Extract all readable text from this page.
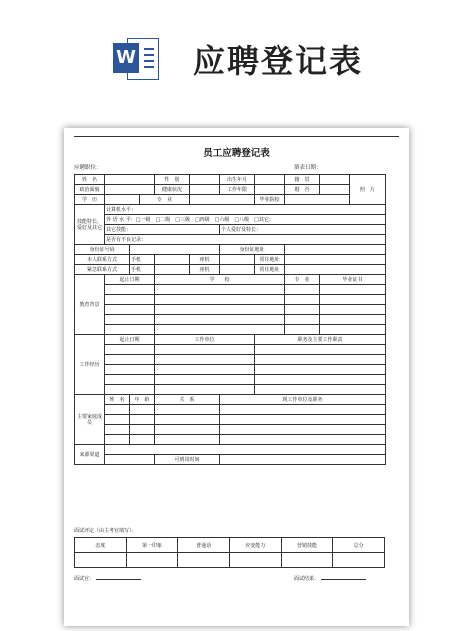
W 应聘登记表
员工应聘登记表
应聘职位：	填表日期：
姓　名				性　别		出生年月		籍　贯		照　片
政治面貌				健康状况		工作年限		婚　否		
学　历			专　业				毕业院校			
技能特长、爱好及其它	计算机水平：									
	外 语 水 平：□一级　□二级　□三级　□四级　□六级　□八级　□其它：									
	其它技能：					个人爱好及特长：				
	是否有不良记录：									
身份证号码						身份证地址				
本人联系方式		手机			座机		常住地址			
紧急联系方式		手机			座机		常住地址			
教育背景	起止日期			学　　校				专　业	毕业证书	

工作经历	起止日期			工作单位			职务及主要工作职责			

主要家庭成员	姓　名	年　龄		关　系		现工作单位及职务				

来源渠道										
				可到岗时间						
面试评定（由主考官填写）：
态度	第一印象	普通话	应变能力	营销技能	总分

面试官：	面试结果：
